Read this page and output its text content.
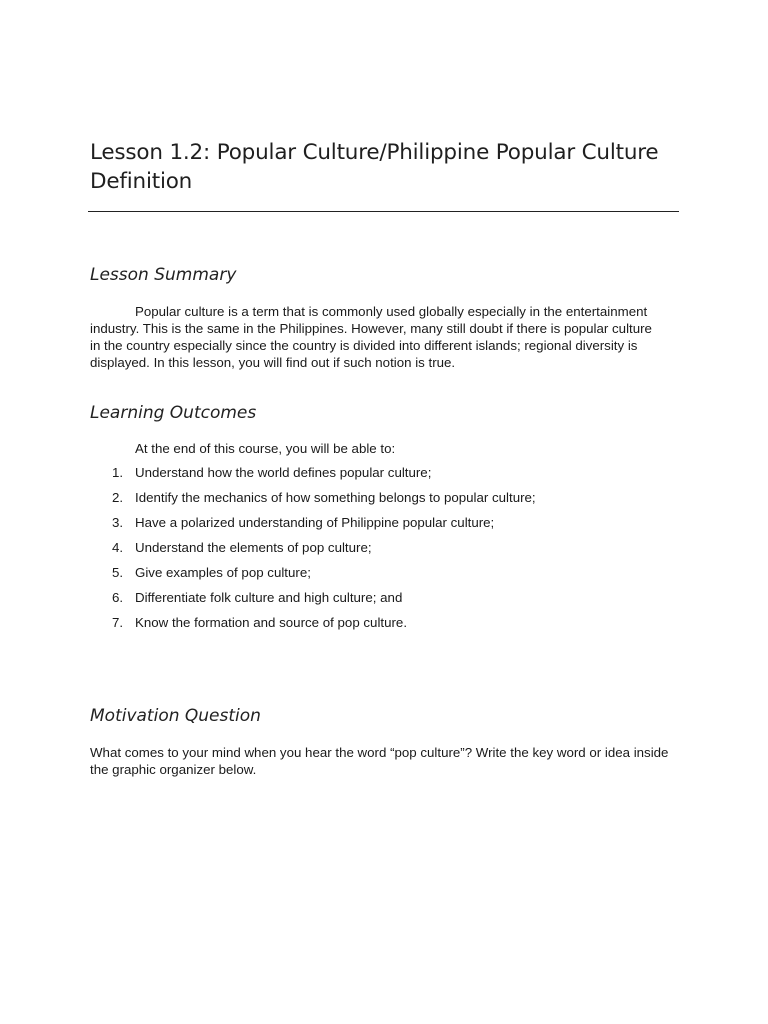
Lesson 1.2: Popular Culture/Philippine Popular Culture Definition
Lesson Summary

Popular culture is a term that is commonly used globally especially in the entertainment industry. This is the same in the Philippines. However, many still doubt if there is popular culture in the country especially since the country is divided into different islands; regional diversity is displayed. In this lesson, you will find out if such notion is true.

Learning Outcomes

At the end of this course, you will be able to:

1. Understand how the world defines popular culture;
2. Identify the mechanics of how something belongs to popular culture;
3. Have a polarized understanding of Philippine popular culture;
4. Understand the elements of pop culture;
5. Give examples of pop culture;
6. Differentiate folk culture and high culture; and
7. Know the formation and source of pop culture.
Motivation Question

What comes to your mind when you hear the word “pop culture”? Write the key word or idea inside the graphic organizer below.
